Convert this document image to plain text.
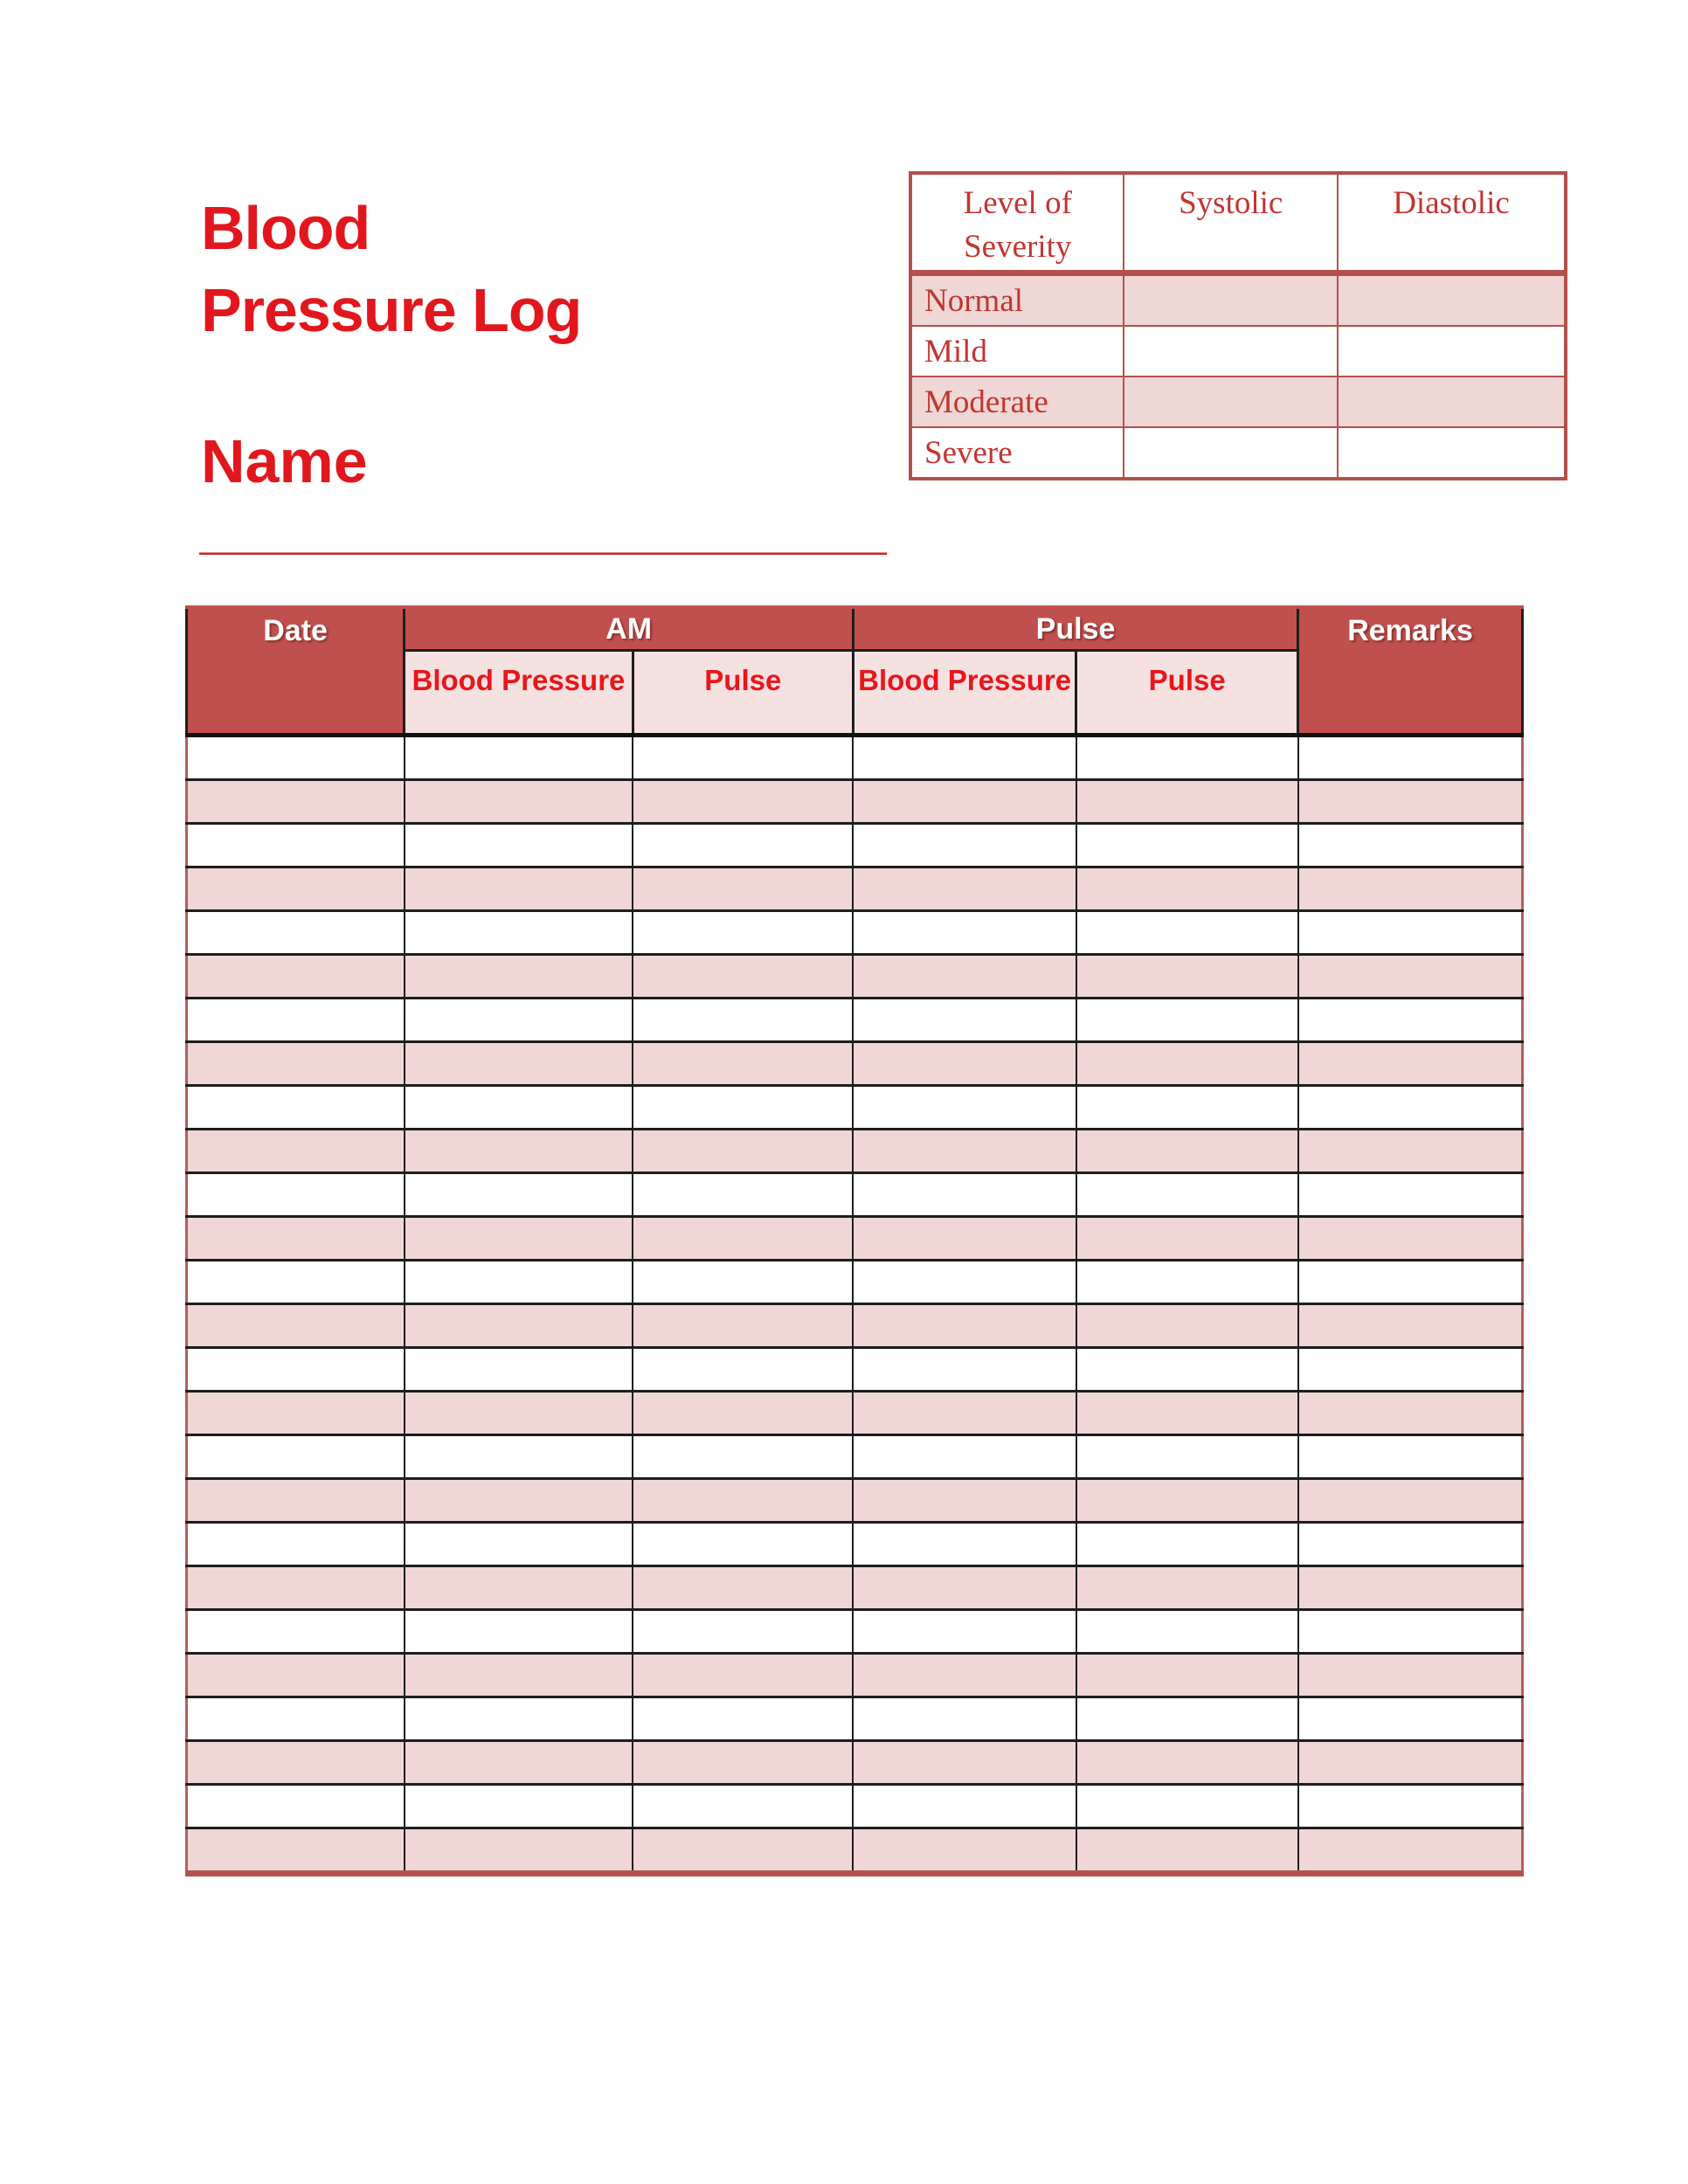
Blood
Pressure Log
Name
______________________
Level of Severity	Systolic	Diastolic
Normal		
Mild		
Moderate		
Severe		
Date	AM		Pulse		Remarks
	Blood Pressure	Pulse	Blood Pressure	Pulse	
